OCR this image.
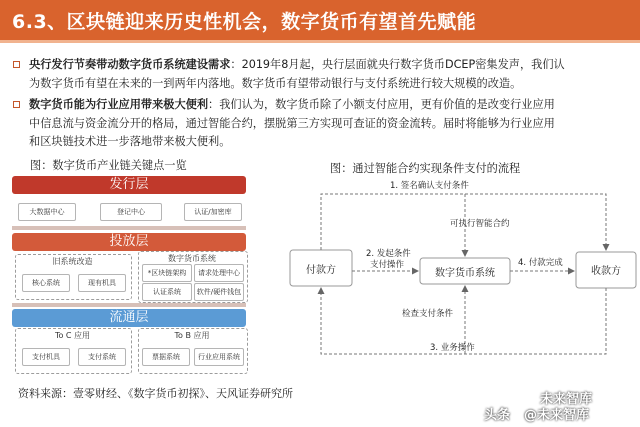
6.3、区块链迎来历史性机会，数字货币有望首先赋能
央行发行节奏带动数字货币系统建设需求：2019年8月起，央行层面就央行数字货币DCEP密集发声，我们认
为数字货币有望在未来的一到两年内落地。数字货币有望带动银行与支付系统进行较大规模的改造。
数字货币能为行业应用带来极大便利：我们认为，数字货币除了小额支付应用，更有价值的是改变行业应用
中信息流与资金流分开的格局，通过智能合约，摆脱第三方实现可查证的资金流转。届时将能够为行业应用
和区块链技术进一步落地带来极大便利。
图：数字货币产业链关键点一览	图：通过智能合约实现条件支付的流程
发行层
大数据中心	登记中心	认证/加密库
投放层
旧系统改造
核心系统	现有机具
数字货币系统
*区块链架构	请求处理中心
认证系统	软件/硬件钱包
流通层
To C 应用
支付机具	支付系统
To B 应用
票据系统	行业应用系统
付款方	数字货币系统	收款方
1. 签名确认支付条件
可执行智能合约
2. 发起条件
支付操作	4. 付款完成
检查支付条件
3. 业务操作
资料来源：壹零财经、《数字货币初探》、天风证券研究所	未来智库
头条 @未来智库
